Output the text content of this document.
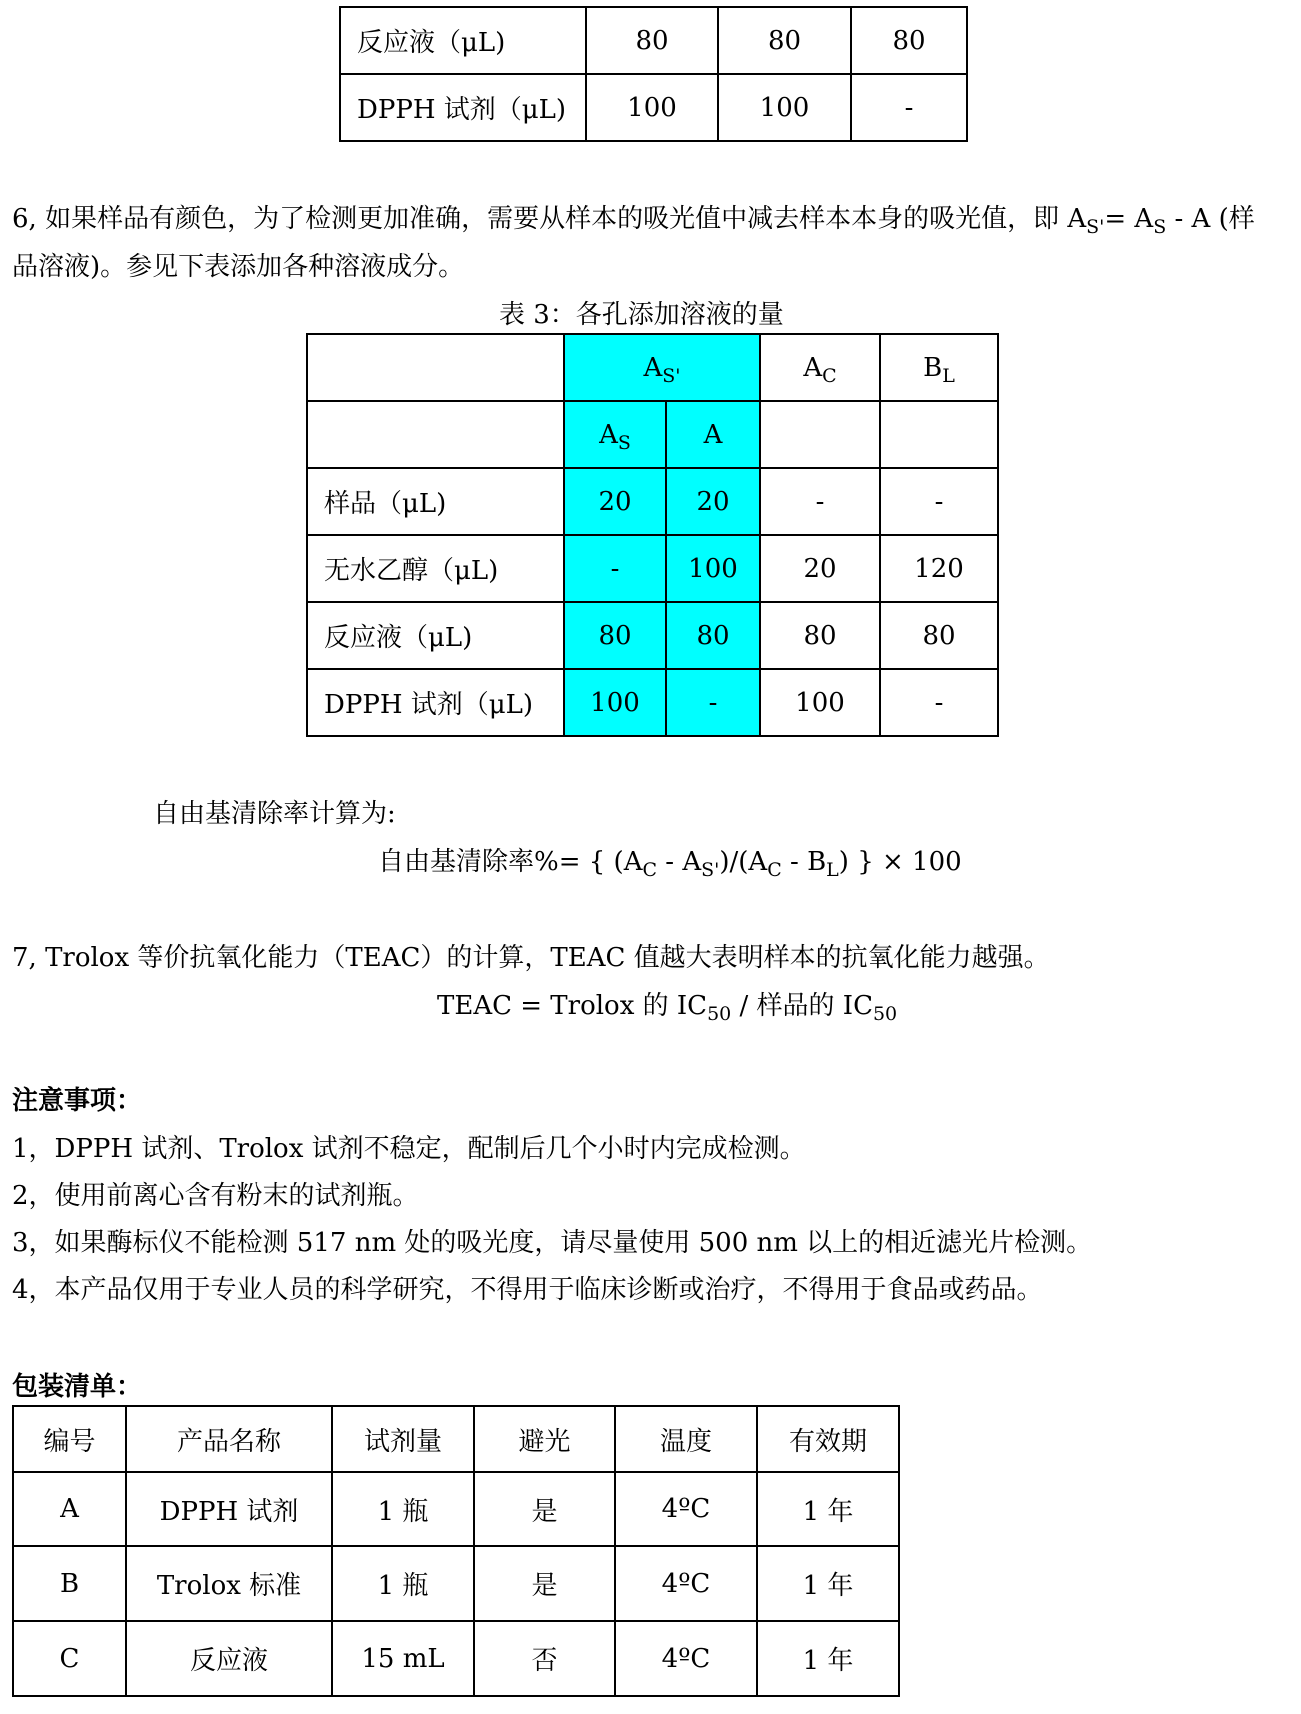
反应液（μL)	80	80	80
DPPH 试剂（μL)	100	100	-
6, 如果样品有颜色，为了检测更加准确，需要从样本的吸光值中减去样本本身的吸光值，即 $A_{S'}= A_S - A$ (样
品溶液)。参见下表添加各种溶液成分。
表 3：各孔添加溶液的量
	$A_{S'}$		$A_C$	$B_L$
	$A_S$	A		
样品（μL)	20	20	-	-
无水乙醇（μL)	-	100	20	120
反应液（μL)	80	80	80	80
DPPH 试剂（μL)	100	-	100	-
自由基清除率计算为:
自由基清除率%= { $(A_C - A_{S'})/(A_C - B_L)$ } × 100
7, Trolox 等价抗氧化能力（TEAC）的计算，TEAC 值越大表明样本的抗氧化能力越强。
TEAC = Trolox 的 $IC_{50}$ / 样品的 $IC_{50}$
注意事项：
1，DPPH 试剂、Trolox 试剂不稳定，配制后几个小时内完成检测。
2，使用前离心含有粉末的试剂瓶。
3，如果酶标仪不能检测 517 nm 处的吸光度，请尽量使用 500 nm 以上的相近滤光片检测。
4，本产品仅用于专业人员的科学研究，不得用于临床诊断或治疗，不得用于食品或药品。
包装清单：
编号	产品名称	试剂量	避光	温度	有效期
A	DPPH 试剂	1 瓶	是	4ºC	1 年
B	Trolox 标准	1 瓶	是	4ºC	1 年
C	反应液	15 mL	否	4ºC	1 年
